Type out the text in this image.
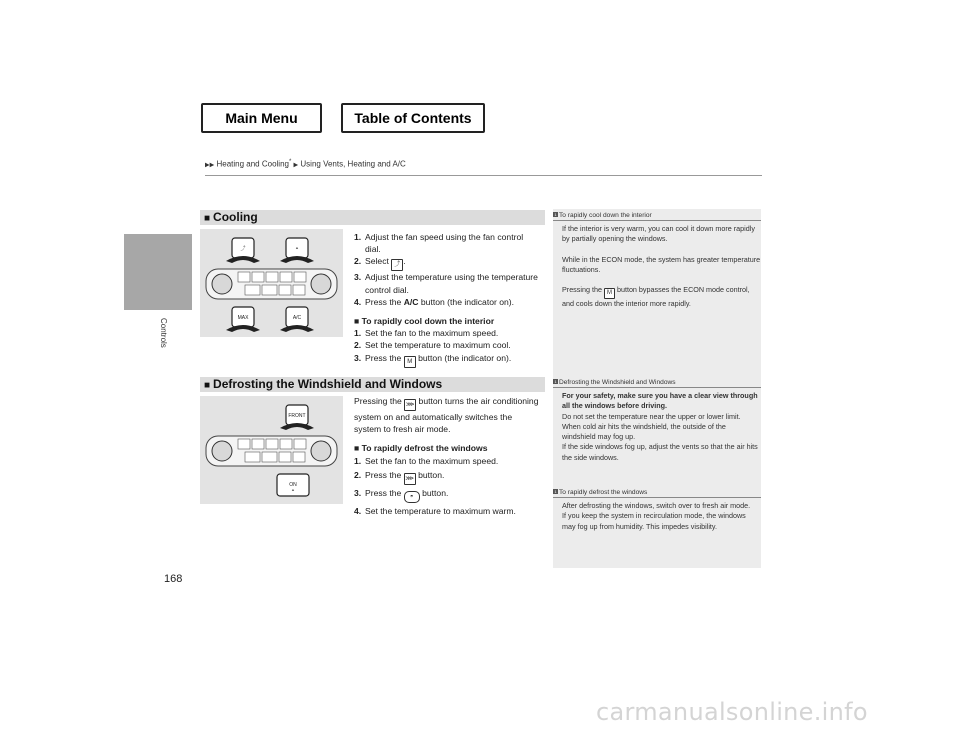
Main Menu	Table of Contents
▶▶ Heating and Cooling* ▶ Using Vents, Heating and A/C
Controls
168
■ Cooling
⤴	◓
MAX	A/C
1. Adjust the fan speed using the fan control dial.
2. Select ⤴ .
3. Adjust the temperature using the temperature control dial.
4. Press the A/C button (the indicator on).
■ To rapidly cool down the interior
1. Set the fan to the maximum speed.
2. Set the temperature to maximum cool.
3. Press the M button (the indicator on).
■ Defrosting the Windshield and Windows
FRONT
ON
◓
Pressing the ⋙ button turns the air conditioning system on and automatically switches the system to fresh air mode.
■ To rapidly defrost the windows
1. Set the fan to the maximum speed.
2. Press the ⋙ button.
3. Press the ◓ button.
4. Set the temperature to maximum warm.
1 To rapidly cool down the interior
If the interior is very warm, you can cool it down more rapidly by partially opening the windows.
While in the ECON mode, the system has greater temperature fluctuations.
Pressing the M button bypasses the ECON mode control, and cools down the interior more rapidly.
1 Defrosting the Windshield and Windows
For your safety, make sure you have a clear view through all the windows before driving.
Do not set the temperature near the upper or lower limit.
When cold air hits the windshield, the outside of the windshield may fog up.
If the side windows fog up, adjust the vents so that the air hits the side windows.
1 To rapidly defrost the windows
After defrosting the windows, switch over to fresh air mode.
If you keep the system in recirculation mode, the windows may fog up from humidity. This impedes visibility.
carmanualsonline.info
